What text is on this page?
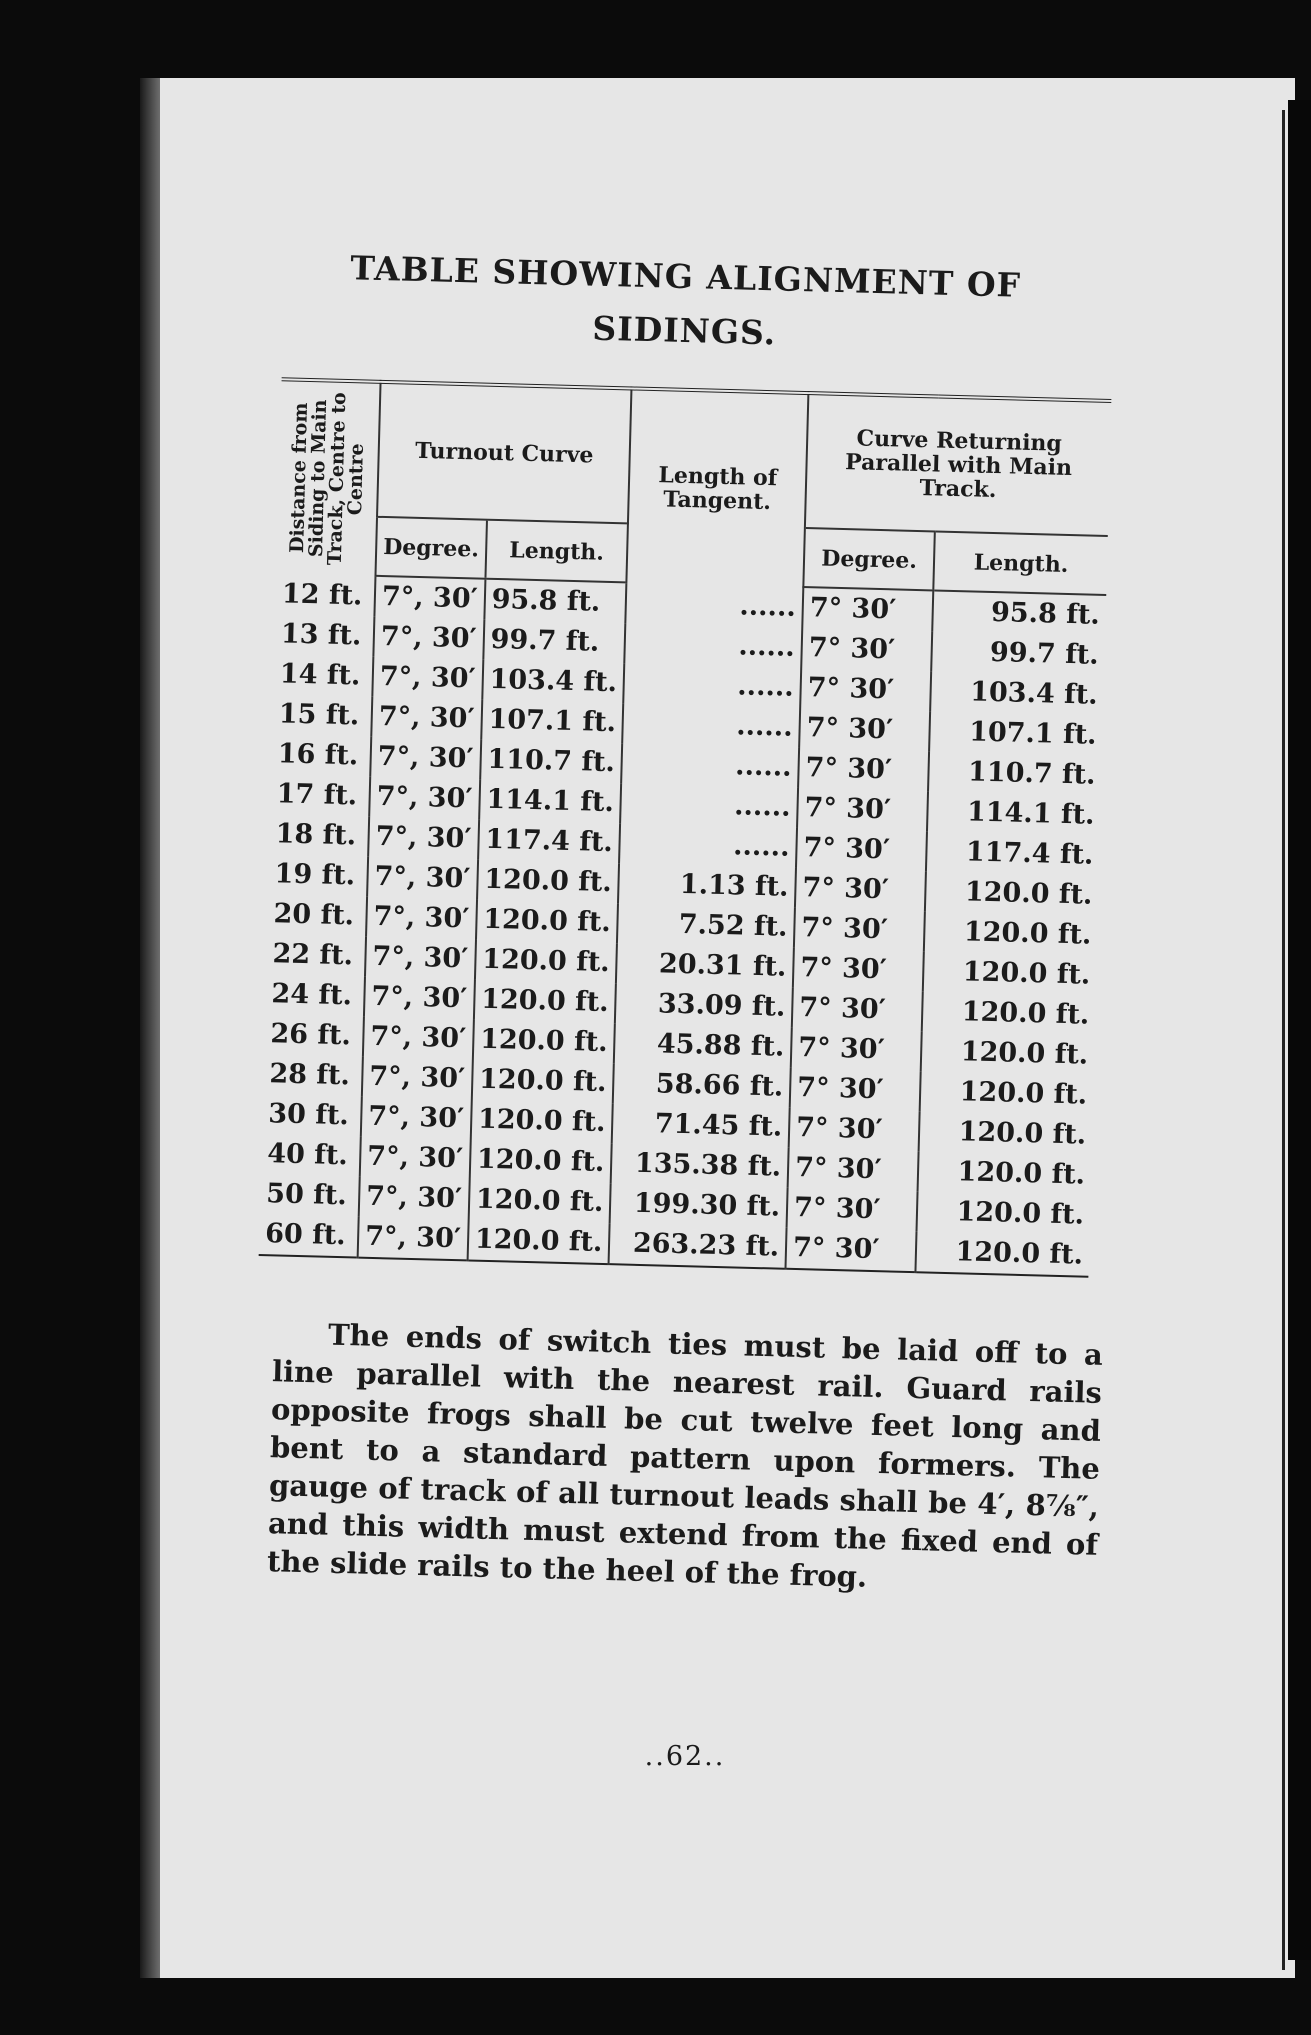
TABLE SHOWING ALIGNMENT OF
SIDINGS.
Distance from Siding to Main Track, Centre to Centre	Turnout Curve		Length of Tangent.	Curve Returning Parallel with Main Track.	
	Degree.	Length.		Degree.	Length.
12 ft.	7°, 30′	95.8 ft.	......	7° 30′	95.8 ft.
13 ft.	7°, 30′	99.7 ft.	......	7° 30′	99.7 ft.
14 ft.	7°, 30′	103.4 ft.	......	7° 30′	103.4 ft.
15 ft.	7°, 30′	107.1 ft.	......	7° 30′	107.1 ft.
16 ft.	7°, 30′	110.7 ft.	......	7° 30′	110.7 ft.
17 ft.	7°, 30′	114.1 ft.	......	7° 30′	114.1 ft.
18 ft.	7°, 30′	117.4 ft.	......	7° 30′	117.4 ft.
19 ft.	7°, 30′	120.0 ft.	1.13 ft.	7° 30′	120.0 ft.
20 ft.	7°, 30′	120.0 ft.	7.52 ft.	7° 30′	120.0 ft.
22 ft.	7°, 30′	120.0 ft.	20.31 ft.	7° 30′	120.0 ft.
24 ft.	7°, 30′	120.0 ft.	33.09 ft.	7° 30′	120.0 ft.
26 ft.	7°, 30′	120.0 ft.	45.88 ft.	7° 30′	120.0 ft.
28 ft.	7°, 30′	120.0 ft.	58.66 ft.	7° 30′	120.0 ft.
30 ft.	7°, 30′	120.0 ft.	71.45 ft.	7° 30′	120.0 ft.
40 ft.	7°, 30′	120.0 ft.	135.38 ft.	7° 30′	120.0 ft.
50 ft.	7°, 30′	120.0 ft.	199.30 ft.	7° 30′	120.0 ft.
60 ft.	7°, 30′	120.0 ft.	263.23 ft.	7° 30′	120.0 ft.

The ends of switch ties must be laid off to a line parallel with the nearest rail. Guard rails opposite frogs shall be cut twelve feet long and bent to a standard pattern upon formers. The gauge of track of all turnout leads shall be 4′, 8⅞″, and this width must extend from the fixed end of the slide rails to the heel of the frog.

..62..
